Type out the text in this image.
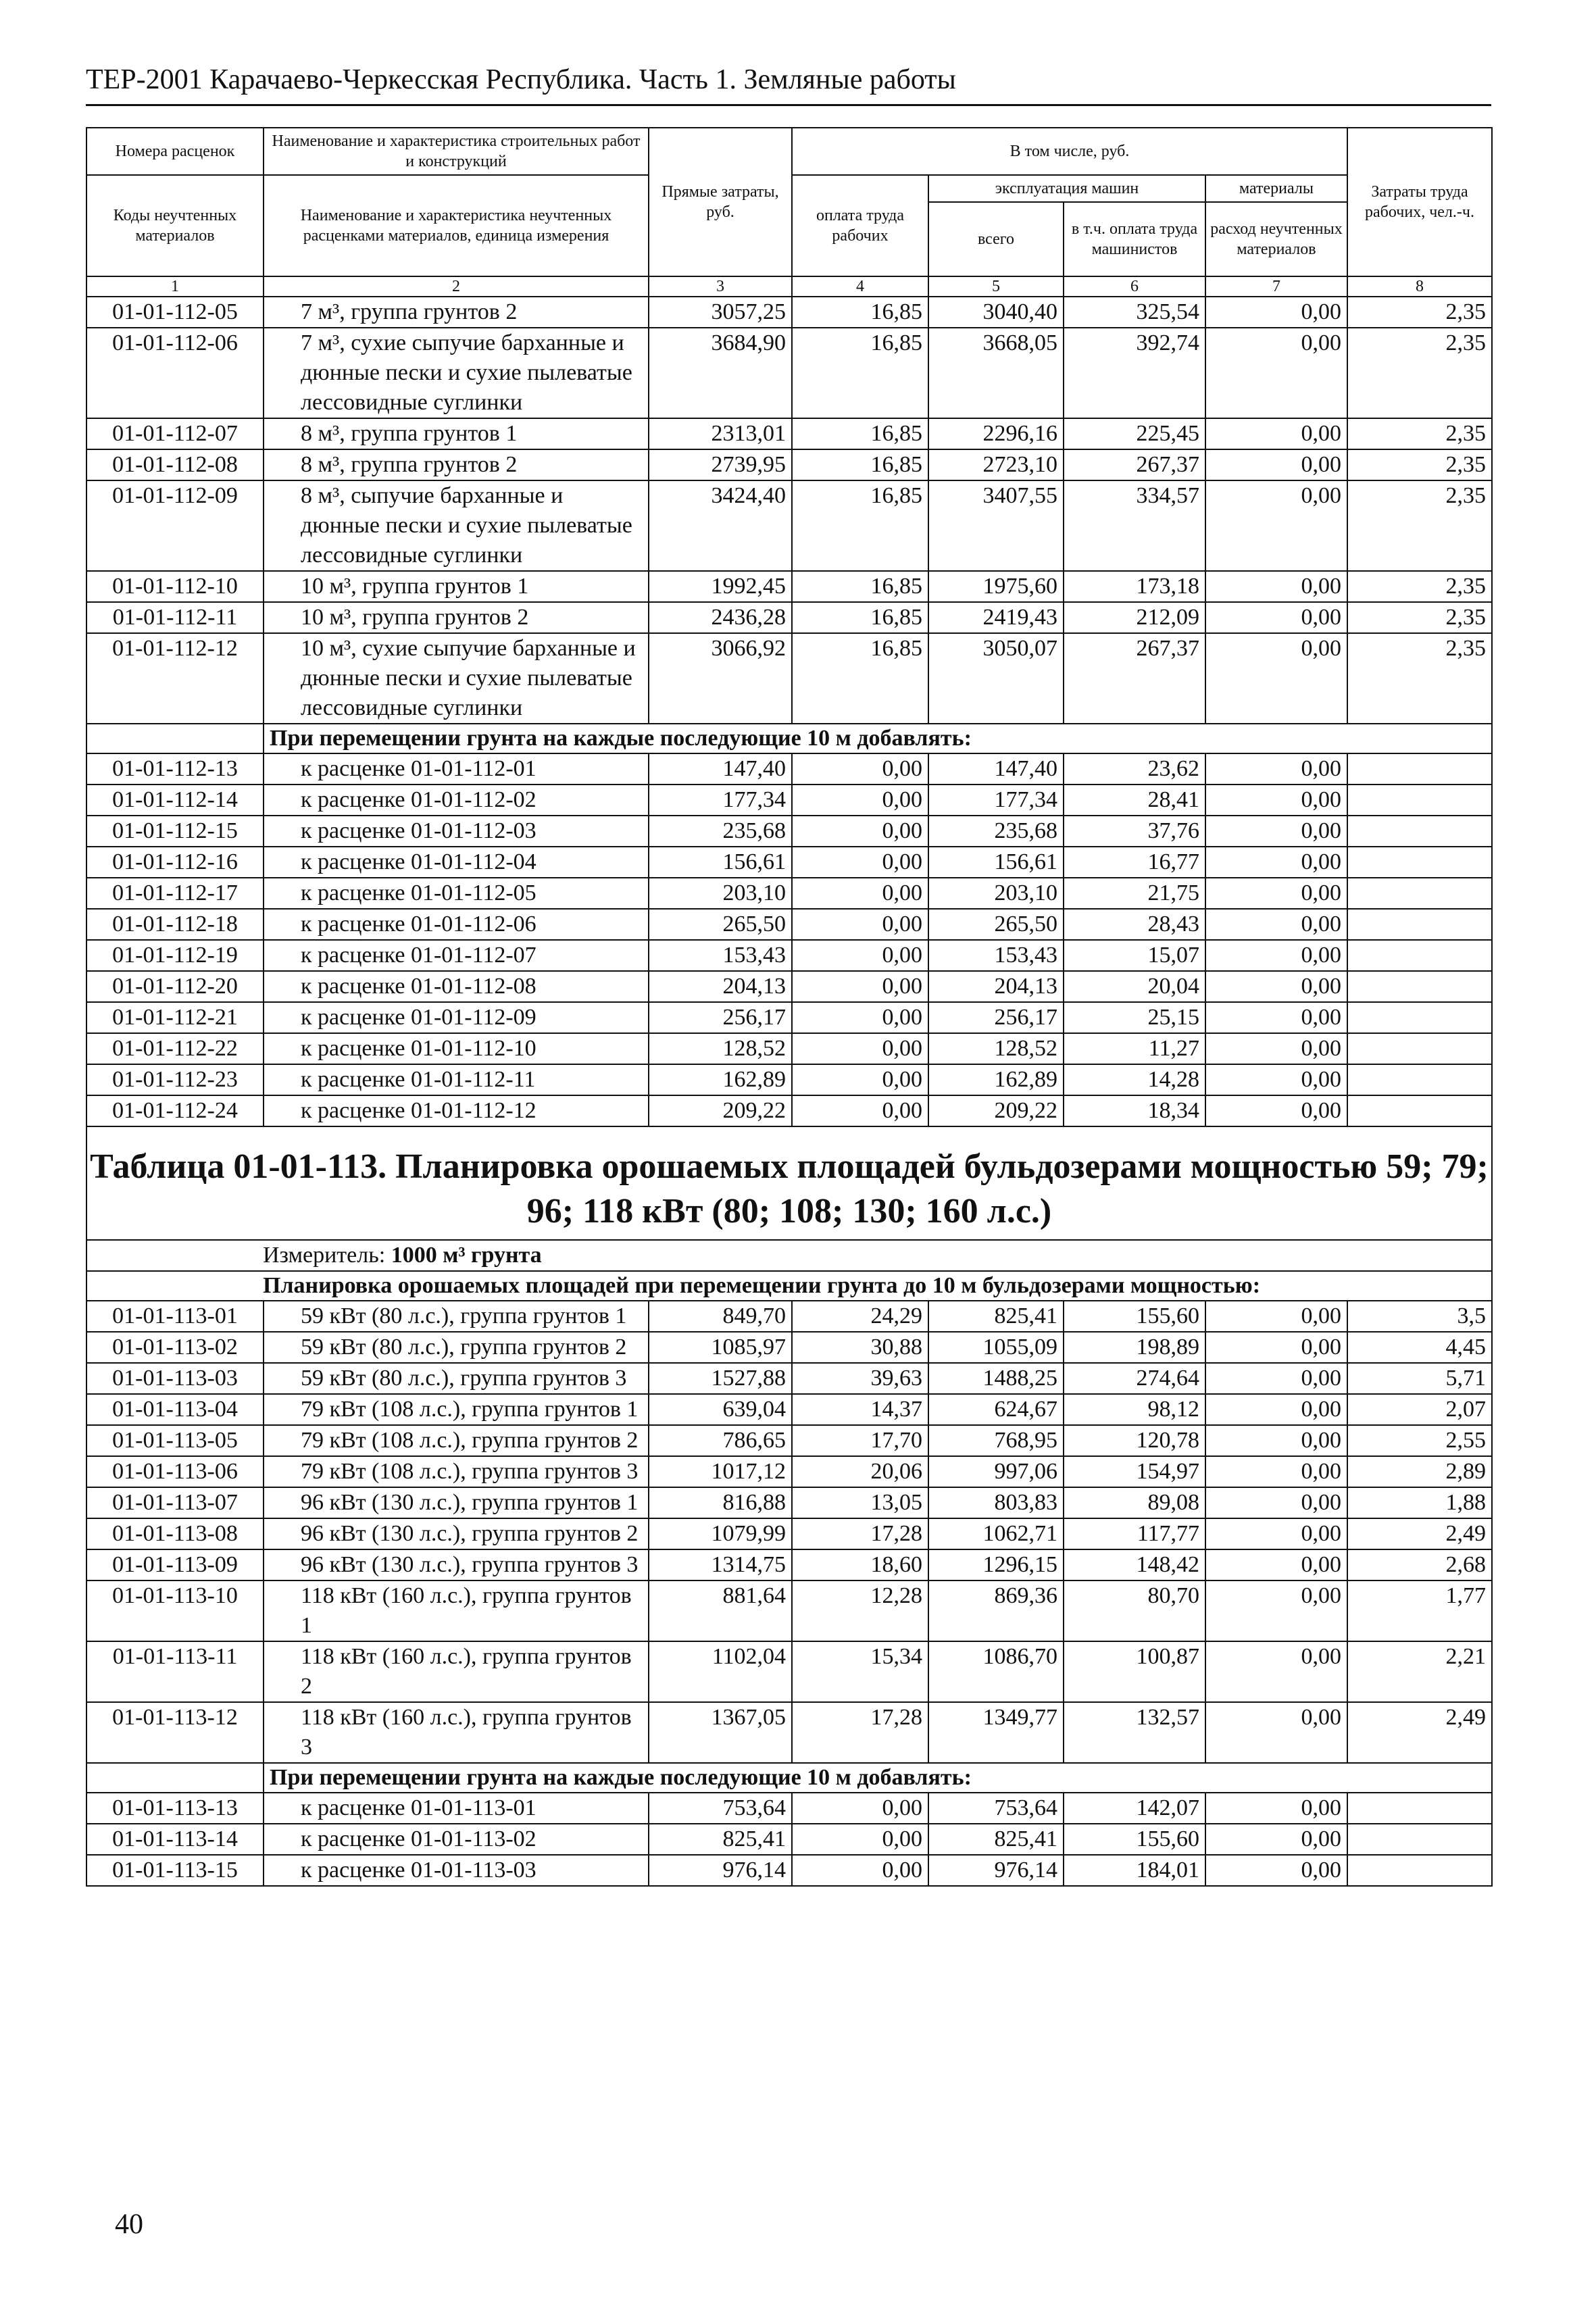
ТЕР-2001 Карачаево-Черкесская Республика. Часть 1. Земляные работы
Номера расценок	Наименование и характеристика строительных работ и конструкций	Прямые затраты, руб.	В том числе, руб.				Затраты труда рабочих, чел.-ч.
Коды неучтенных материалов	Наименование и характеристика неучтенных расценками материалов, единица измерения		оплата труда рабочих	эксплуатация машин		материалы	
				всего	в т.ч. оплата труда машинистов	расход неучтенных материалов	
1	2	3	4	5	6	7	8
01-01-112-05	7 м³, группа грунтов 2	3057,25	16,85	3040,40	325,54	0,00	2,35
01-01-112-06	7 м³, сухие сыпучие барханные и дюнные пески и сухие пылеватые лессовидные суглинки	3684,90	16,85	3668,05	392,74	0,00	2,35
01-01-112-07	8 м³, группа грунтов 1	2313,01	16,85	2296,16	225,45	0,00	2,35
01-01-112-08	8 м³, группа грунтов 2	2739,95	16,85	2723,10	267,37	0,00	2,35
01-01-112-09	8 м³, сыпучие барханные и дюнные пески и сухие пылеватые лессовидные суглинки	3424,40	16,85	3407,55	334,57	0,00	2,35
01-01-112-10	10 м³, группа грунтов 1	1992,45	16,85	1975,60	173,18	0,00	2,35
01-01-112-11	10 м³, группа грунтов 2	2436,28	16,85	2419,43	212,09	0,00	2,35
01-01-112-12	10 м³, сухие сыпучие барханные и дюнные пески и сухие пылеватые лессовидные суглинки	3066,92	16,85	3050,07	267,37	0,00	2,35
	При перемещении грунта на каждые последующие 10 м добавлять:						
01-01-112-13	к расценке 01-01-112-01	147,40	0,00	147,40	23,62	0,00	
01-01-112-14	к расценке 01-01-112-02	177,34	0,00	177,34	28,41	0,00	
01-01-112-15	к расценке 01-01-112-03	235,68	0,00	235,68	37,76	0,00	
01-01-112-16	к расценке 01-01-112-04	156,61	0,00	156,61	16,77	0,00	
01-01-112-17	к расценке 01-01-112-05	203,10	0,00	203,10	21,75	0,00	
01-01-112-18	к расценке 01-01-112-06	265,50	0,00	265,50	28,43	0,00	
01-01-112-19	к расценке 01-01-112-07	153,43	0,00	153,43	15,07	0,00	
01-01-112-20	к расценке 01-01-112-08	204,13	0,00	204,13	20,04	0,00	
01-01-112-21	к расценке 01-01-112-09	256,17	0,00	256,17	25,15	0,00	
01-01-112-22	к расценке 01-01-112-10	128,52	0,00	128,52	11,27	0,00	
01-01-112-23	к расценке 01-01-112-11	162,89	0,00	162,89	14,28	0,00	
01-01-112-24	к расценке 01-01-112-12	209,22	0,00	209,22	18,34	0,00	
Таблица 01-01-113. Планировка орошаемых площадей бульдозерами мощностью 59; 79; 96; 118 кВт (80; 108; 130; 160 л.с.)							
Измеритель: 1000 м³ грунта							
Планировка орошаемых площадей при перемещении грунта до 10 м бульдозерами мощностью:							
01-01-113-01	59 кВт (80 л.с.), группа грунтов 1	849,70	24,29	825,41	155,60	0,00	3,5
01-01-113-02	59 кВт (80 л.с.), группа грунтов 2	1085,97	30,88	1055,09	198,89	0,00	4,45
01-01-113-03	59 кВт (80 л.с.), группа грунтов 3	1527,88	39,63	1488,25	274,64	0,00	5,71
01-01-113-04	79 кВт (108 л.с.), группа грунтов 1	639,04	14,37	624,67	98,12	0,00	2,07
01-01-113-05	79 кВт (108 л.с.), группа грунтов 2	786,65	17,70	768,95	120,78	0,00	2,55
01-01-113-06	79 кВт (108 л.с.), группа грунтов 3	1017,12	20,06	997,06	154,97	0,00	2,89
01-01-113-07	96 кВт (130 л.с.), группа грунтов 1	816,88	13,05	803,83	89,08	0,00	1,88
01-01-113-08	96 кВт (130 л.с.), группа грунтов 2	1079,99	17,28	1062,71	117,77	0,00	2,49
01-01-113-09	96 кВт (130 л.с.), группа грунтов 3	1314,75	18,60	1296,15	148,42	0,00	2,68
01-01-113-10	118 кВт (160 л.с.), группа грунтов 1	881,64	12,28	869,36	80,70	0,00	1,77
01-01-113-11	118 кВт (160 л.с.), группа грунтов 2	1102,04	15,34	1086,70	100,87	0,00	2,21
01-01-113-12	118 кВт (160 л.с.), группа грунтов 3	1367,05	17,28	1349,77	132,57	0,00	2,49
	При перемещении грунта на каждые последующие 10 м добавлять:						
01-01-113-13	к расценке 01-01-113-01	753,64	0,00	753,64	142,07	0,00	
01-01-113-14	к расценке 01-01-113-02	825,41	0,00	825,41	155,60	0,00	
01-01-113-15	к расценке 01-01-113-03	976,14	0,00	976,14	184,01	0,00	
40
